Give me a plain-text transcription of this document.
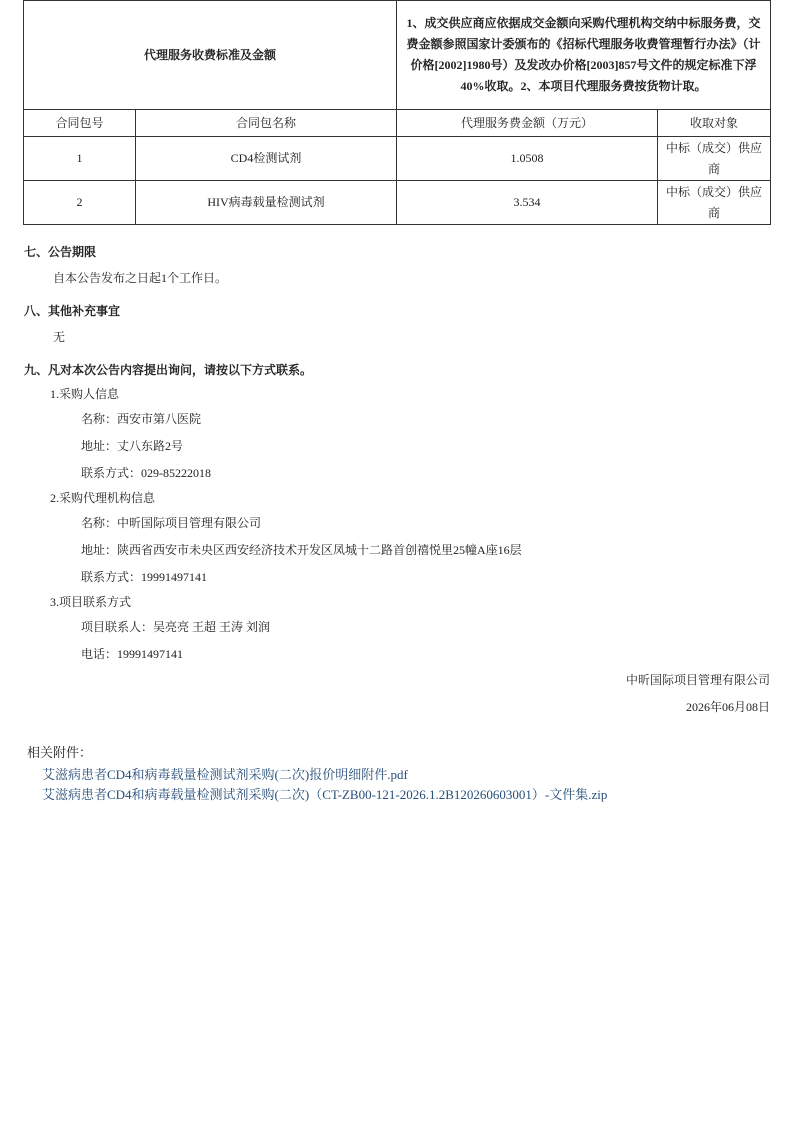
代理服务收费标准及金额		1、成交供应商应依据成交金额向采购代理机构交纳中标服务费，交费金额参照国家计委颁布的《招标代理服务收费管理暂行办法》（计价格[2002]1980号）及发改办价格[2003]857号文件的规定标准下浮40%收取。2、本项目代理服务费按货物计取。	
合同包号	合同包名称	代理服务费金额（万元）	收取对象
1	CD4检测试剂	1.0508	中标（成交）供应商
2	HIV病毒载量检测试剂	3.534	中标（成交）供应商
七、公告期限
自本公告发布之日起1个工作日。
八、其他补充事宜
无
九、凡对本次公告内容提出询问，请按以下方式联系。
1.采购人信息
名称：西安市第八医院
地址：丈八东路2号
联系方式：029-85222018
2.采购代理机构信息
名称：中昕国际项目管理有限公司
地址：陕西省西安市未央区西安经济技术开发区凤城十二路首创禧悦里25幢A座16层
联系方式：19991497141
3.项目联系方式
项目联系人：吴亮亮 王超 王涛 刘润
电话：19991497141
中昕国际项目管理有限公司
2026年06月08日
相关附件：
艾滋病患者CD4和病毒载量检测试剂采购(二次)报价明细附件.pdf
艾滋病患者CD4和病毒载量检测试剂采购(二次)（CT-ZB00-121-2026.1.2B120260603001）-文件集.zip
